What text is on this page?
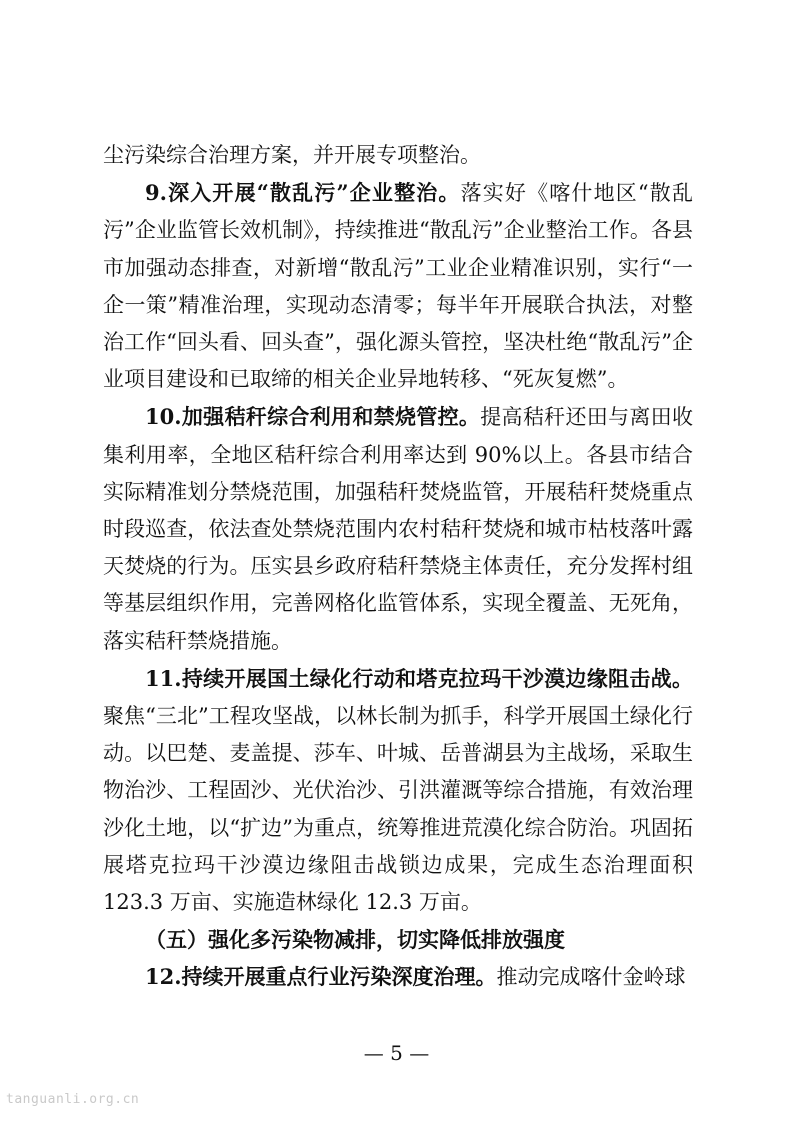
尘污染综合治理方案，并开展专项整治。

9.深入开展“散乱污”企业整治。落实好《喀什地区“散乱污”企业监管长效机制》，持续推进“散乱污”企业整治工作。各县市加强动态排查，对新增“散乱污”工业企业精准识别，实行“一企一策”精准治理，实现动态清零；每半年开展联合执法，对整治工作“回头看、回头查”，强化源头管控，坚决杜绝“散乱污”企业项目建设和已取缔的相关企业异地转移、“死灰复燃”。

10.加强秸秆综合利用和禁烧管控。提高秸秆还田与离田收集利用率，全地区秸秆综合利用率达到 90%以上。各县市结合实际精准划分禁烧范围，加强秸秆焚烧监管，开展秸秆焚烧重点时段巡查，依法查处禁烧范围内农村秸秆焚烧和城市枯枝落叶露天焚烧的行为。压实县乡政府秸秆禁烧主体责任，充分发挥村组等基层组织作用，完善网格化监管体系，实现全覆盖、无死角，落实秸秆禁烧措施。

11.持续开展国土绿化行动和塔克拉玛干沙漠边缘阻击战。聚焦“三北”工程攻坚战，以林长制为抓手，科学开展国土绿化行动。以巴楚、麦盖提、莎车、叶城、岳普湖县为主战场，采取生物治沙、工程固沙、光伏治沙、引洪灌溉等综合措施，有效治理沙化土地，以“扩边”为重点，统筹推进荒漠化综合防治。巩固拓展塔克拉玛干沙漠边缘阻击战锁边成果，完成生态治理面积 123.3 万亩、实施造林绿化 12.3 万亩。

（五）强化多污染物减排，切实降低排放强度

12.持续开展重点行业污染深度治理。推动完成喀什金岭球

— 5 —
tanguanli.org.cn
